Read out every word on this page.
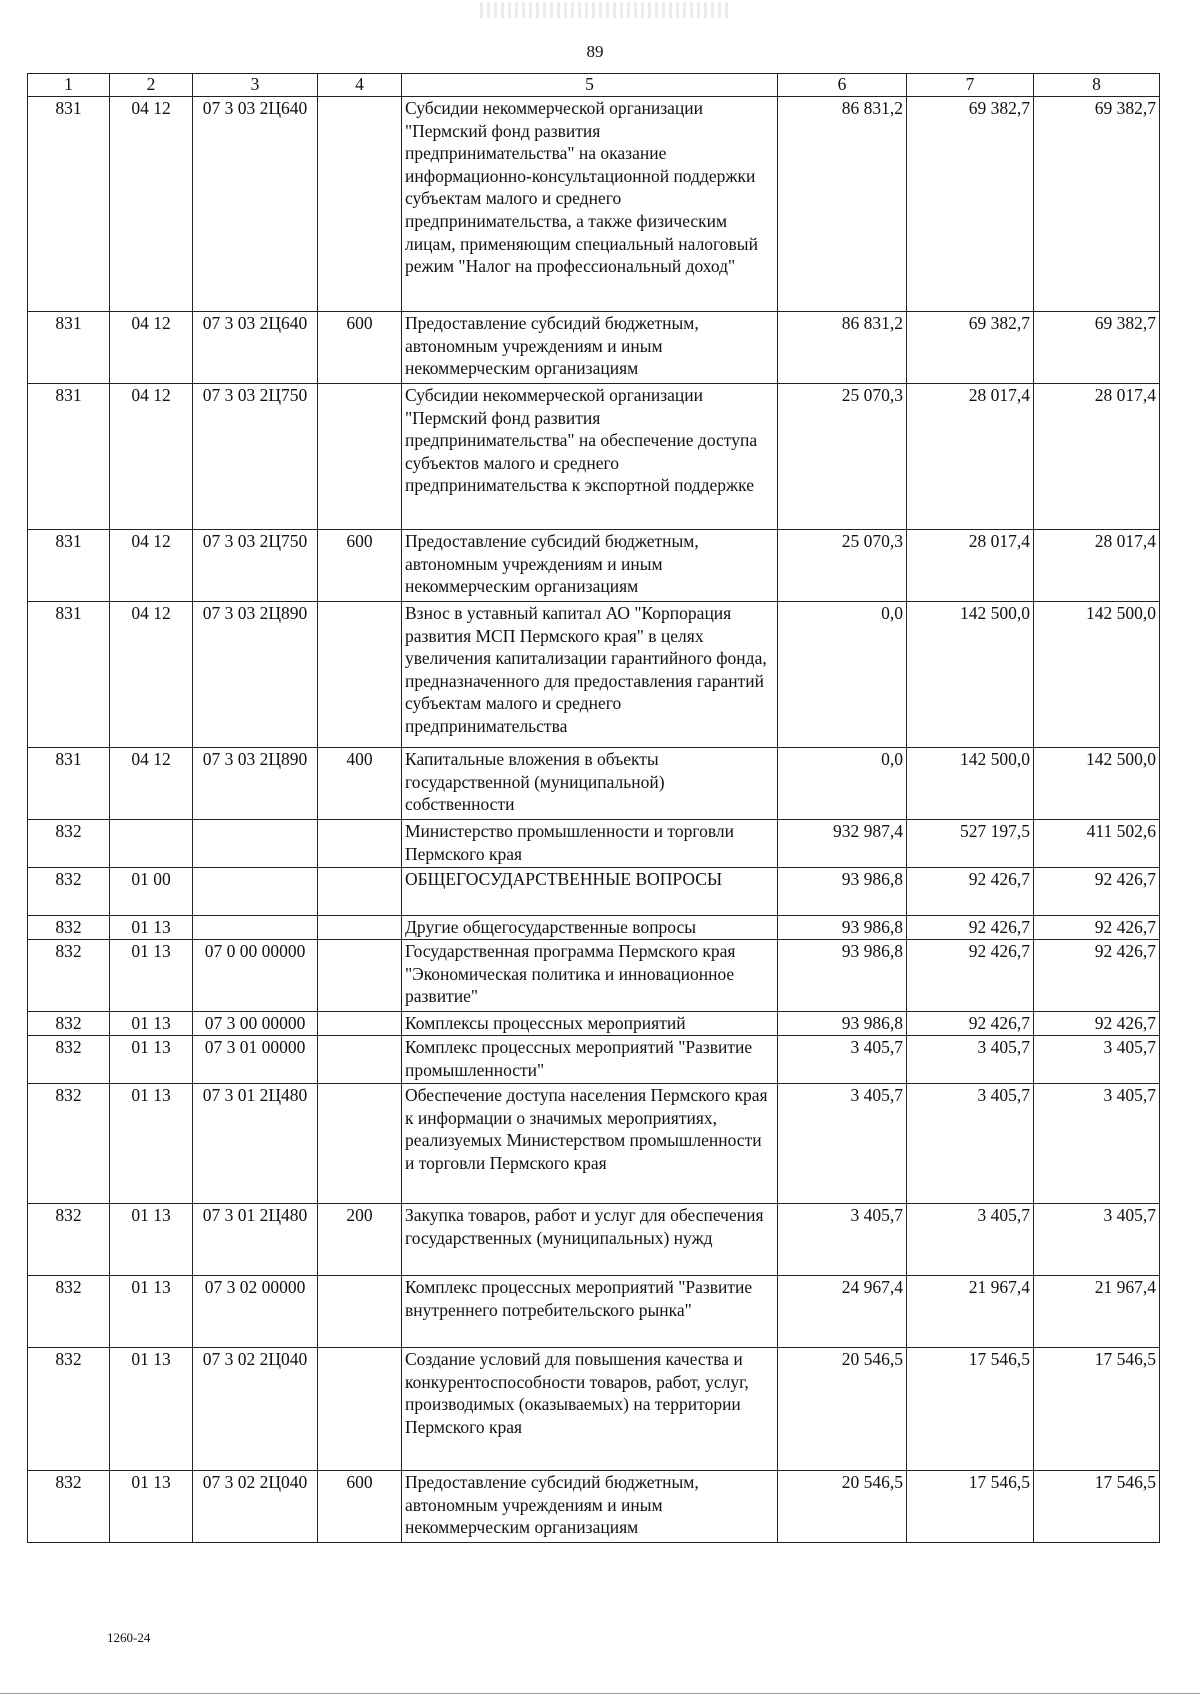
89
1	2	3	4	5	6	7	8
831	04 12	07 3 03 2Ц640		Субсидии некоммерческой организации "Пермский фонд развития предпринимательства" на оказание информационно-консультационной поддержки субъектам малого и среднего предпринимательства, а также физическим лицам, применяющим специальный налоговый режим "Налог на профессиональный доход"	86 831,2	69 382,7	69 382,7
831	04 12	07 3 03 2Ц640	600	Предоставление субсидий бюджетным, автономным учреждениям и иным некоммерческим организациям	86 831,2	69 382,7	69 382,7
831	04 12	07 3 03 2Ц750		Субсидии некоммерческой организации "Пермский фонд развития предпринимательства" на обеспечение доступа субъектов малого и среднего предпринимательства к экспортной поддержке	25 070,3	28 017,4	28 017,4
831	04 12	07 3 03 2Ц750	600	Предоставление субсидий бюджетным, автономным учреждениям и иным некоммерческим организациям	25 070,3	28 017,4	28 017,4
831	04 12	07 3 03 2Ц890		Взнос в уставный капитал АО "Корпорация развития МСП Пермского края" в целях увеличения капитализации гарантийного фонда, предназначенного для предоставления гарантий субъектам малого и среднего предпринимательства	0,0	142 500,0	142 500,0
831	04 12	07 3 03 2Ц890	400	Капитальные вложения в объекты государственной (муниципальной) собственности	0,0	142 500,0	142 500,0
832				Министерство промышленности и торговли Пермского края	932 987,4	527 197,5	411 502,6
832	01 00			ОБЩЕГОСУДАРСТВЕННЫЕ ВОПРОСЫ	93 986,8	92 426,7	92 426,7
832	01 13			Другие общегосударственные вопросы	93 986,8	92 426,7	92 426,7
832	01 13	07 0 00 00000		Государственная программа Пермского края "Экономическая политика и инновационное развитие"	93 986,8	92 426,7	92 426,7
832	01 13	07 3 00 00000		Комплексы процессных мероприятий	93 986,8	92 426,7	92 426,7
832	01 13	07 3 01 00000		Комплекс процессных мероприятий "Развитие промышленности"	3 405,7	3 405,7	3 405,7
832	01 13	07 3 01 2Ц480		Обеспечение доступа населения Пермского края к информации о значимых мероприятиях, реализуемых Министерством промышленности и торговли Пермского края	3 405,7	3 405,7	3 405,7
832	01 13	07 3 01 2Ц480	200	Закупка товаров, работ и услуг для обеспечения государственных (муниципальных) нужд	3 405,7	3 405,7	3 405,7
832	01 13	07 3 02 00000		Комплекс процессных мероприятий "Развитие внутреннего потребительского рынка"	24 967,4	21 967,4	21 967,4
832	01 13	07 3 02 2Ц040		Создание условий для повышения качества и конкурентоспособности товаров, работ, услуг, производимых (оказываемых) на территории Пермского края	20 546,5	17 546,5	17 546,5
832	01 13	07 3 02 2Ц040	600	Предоставление субсидий бюджетным, автономным учреждениям и иным некоммерческим организациям	20 546,5	17 546,5	17 546,5
1260-24
